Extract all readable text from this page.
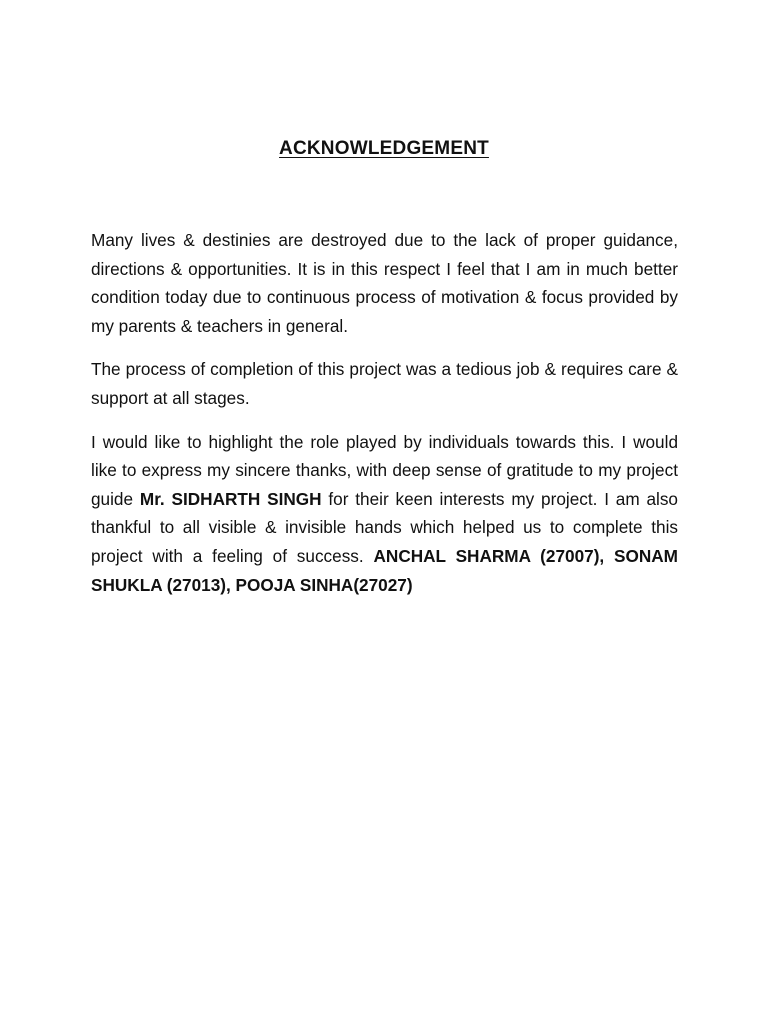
ACKNOWLEDGEMENT

Many lives & destinies are destroyed due to the lack of proper guidance, directions & opportunities. It is in this respect I feel that I am in much better condition today due to continuous process of motivation & focus provided by my parents & teachers in general.

The process of completion of this project was a tedious job & requires care & support at all stages.

I would like to highlight the role played by individuals towards this. I would like to express my sincere thanks, with deep sense of gratitude to my project guide Mr. SIDHARTH SINGH for their keen interests my project. I am also thankful to all visible & invisible hands which helped us to complete this project with a feeling of success. ANCHAL SHARMA (27007), SONAM SHUKLA (27013), POOJA SINHA(27027)
